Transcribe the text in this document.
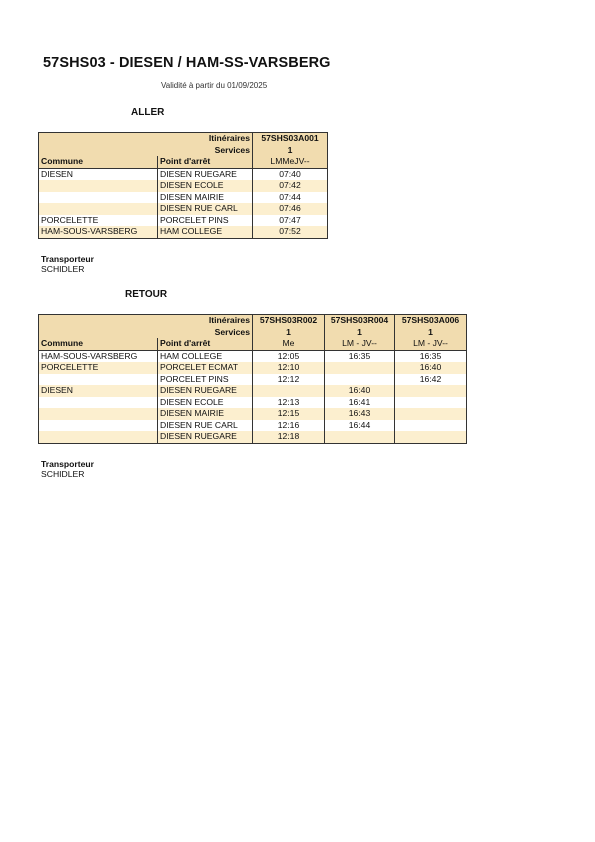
57SHS03 - DIESEN / HAM-SS-VARSBERG
Validité à partir du 01/09/2025
ALLER
Itinéraires		57SHS03A001
Services		1
Commune	Point d'arrêt	LMMeJV--
DIESEN	DIESEN RUEGARE	07:40
	DIESEN ECOLE	07:42
	DIESEN MAIRIE	07:44
	DIESEN RUE CARL	07:46
PORCELETTE	PORCELET PINS	07:47
HAM-SOUS-VARSBERG	HAM COLLEGE	07:52
Transporteur
SCHIDLER
RETOUR
Itinéraires		57SHS03R002	57SHS03R004	57SHS03A006
Services		1	1	1
Commune	Point d'arrêt	Me	LM - JV--	LM - JV--
HAM-SOUS-VARSBERG	HAM COLLEGE	12:05	16:35	16:35
PORCELETTE	PORCELET ECMAT	12:10		16:40
	PORCELET PINS	12:12		16:42
DIESEN	DIESEN RUEGARE		16:40	
	DIESEN ECOLE	12:13	16:41	
	DIESEN MAIRIE	12:15	16:43	
	DIESEN RUE CARL	12:16	16:44	
	DIESEN RUEGARE	12:18		
Transporteur
SCHIDLER
